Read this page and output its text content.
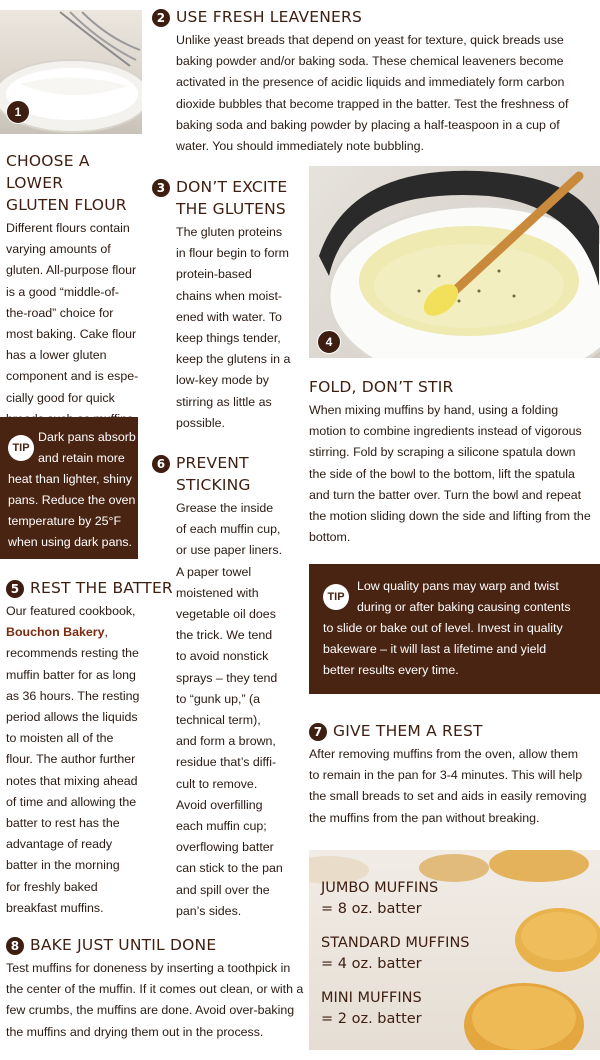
1
2 USE FRESH LEAVENERS
Unlike yeast breads that depend on yeast for texture, quick breads use
baking powder and/or baking soda. These chemical leaveners become
activated in the presence of acidic liquids and immediately form carbon
dioxide bubbles that become trapped in the batter. Test the freshness of
baking soda and baking powder by placing a half-teaspoon in a cup of
water. You should immediately note bubbling.
CHOOSE A LOWER
GLUTEN FLOUR
Different flours contain
varying amounts of
gluten. All-purpose flour
is a good “middle-of-
the-road” choice for
most baking. Cake flour
has a lower gluten
component and is espe-
cially good for quick
3 DON’T EXCITE
THE GLUTENS
The gluten proteins
in flour begin to form
protein-based
chains when moist-
ened with water. To
keep things tender,
keep the glutens in a
low-key mode by
stirring as little as
possible.
4
FOLD, DON’T STIR
When mixing muffins by hand, using a folding
motion to combine ingredients instead of vigorous
stirring. Fold by scraping a silicone spatula down
the side of the bowl to the bottom, lift the spatula
and turn the batter over. Turn the bowl and repeat
the motion sliding down the side and lifting from the
bottom.
TIP
Dark pans absorb
and retain more
heat than lighter, shiny
pans. Reduce the oven
temperature by 25°F
when using dark pans.
6 PREVENT
STICKING
Grease the inside
of each muffin cup,
or use paper liners.
A paper towel
moistened with
vegetable oil does
the trick. We tend
to avoid nonstick
sprays – they tend
to “gunk up,” (a
technical term),
and form a brown,
residue that’s diffi-
cult to remove.
Avoid overfilling
each muffin cup;
overflowing batter
can stick to the pan
and spill over the
pan’s sides.
TIP
Low quality pans may warp and twist
during or after baking causing contents
to slide or bake out of level. Invest in quality
bakeware – it will last a lifetime and yield
better results every time.
5 REST THE BATTER
Our featured cookbook,
Bouchon Bakery,
recommends resting the
muffin batter for as long
as 36 hours. The resting
period allows the liquids
to moisten all of the
flour. The author further
notes that mixing ahead
of time and allowing the
batter to rest has the
advantage of ready
batter in the morning
for freshly baked
breakfast muffins.
7 GIVE THEM A REST
After removing muffins from the oven, allow them
to remain in the pan for 3-4 minutes. This will help
the small breads to set and aids in easily removing
the muffins from the pan without breaking.
JUMBO MUFFINS
= 8 oz. batter
STANDARD MUFFINS
= 4 oz. batter
MINI MUFFINS
= 2 oz. batter
8 BAKE JUST UNTIL DONE
Test muffins for doneness by inserting a toothpick in
the center of the muffin. If it comes out clean, or with a
few crumbs, the muffins are done. Avoid over-baking
the muffins and drying them out in the process.
